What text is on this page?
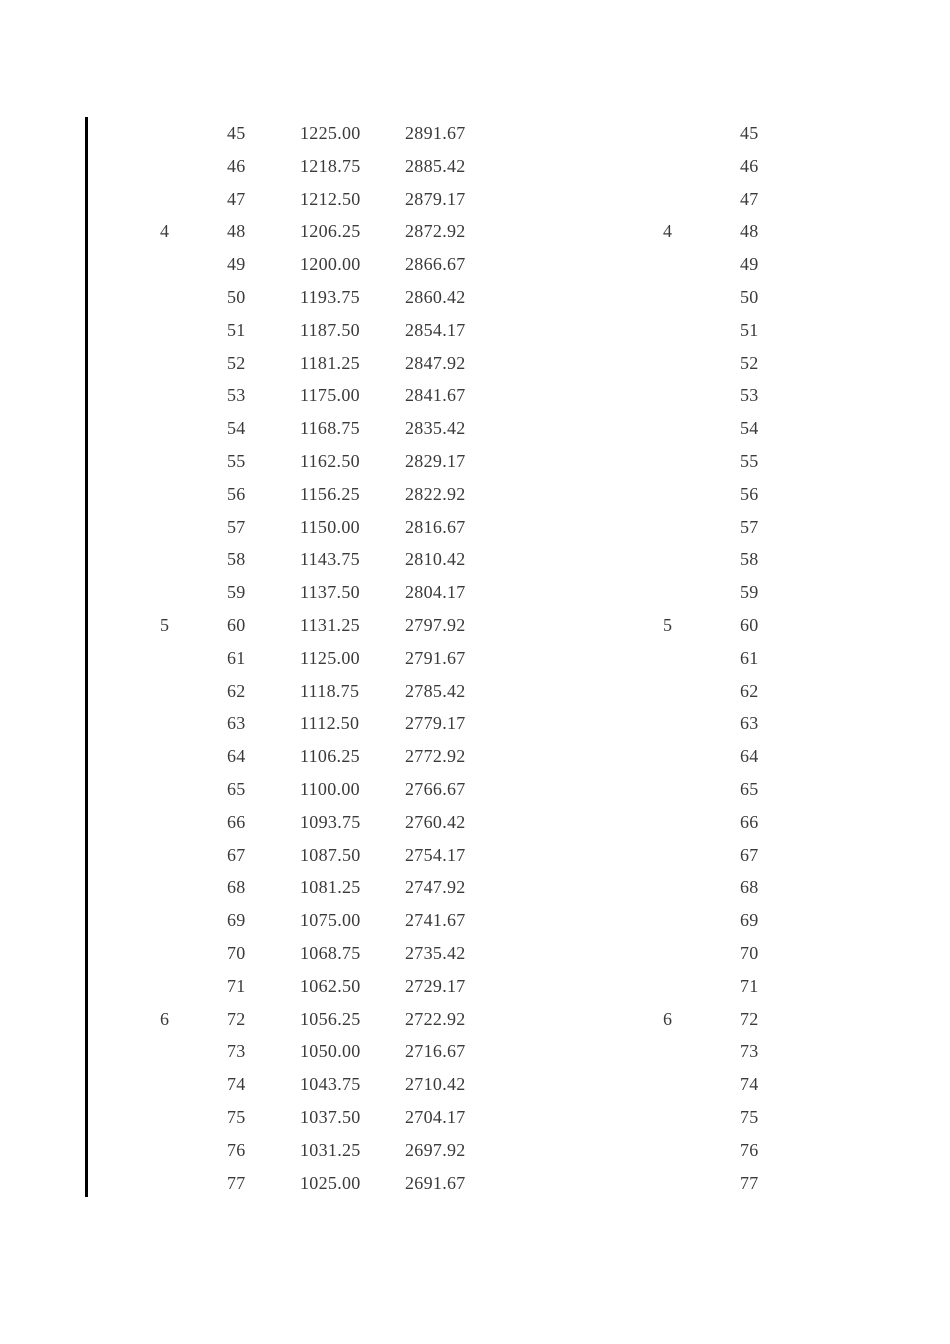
45	1225.00 2891.67	45
46	1218.75 2885.42	46
47	1212.50 2879.17	47
4	48	1206.25 2872.92	4	48
49	1200.00 2866.67	49
50	1193.75	2860.42	50
51	1187.50	2854.17	51
52	1181.25	2847.92	52
53	1175.00	2841.67	53
54	1168.75	2835.42	54
55	1162.50	2829.17	55
56	1156.25	2822.92	56
57	1150.00	2816.67	57
58	1143.75	2810.42	58
59	1137.50	2804.17	59
5	60	1131.25	2797.92	5	60
61	1125.00	2791.67	61
62	1118.75	2785.42	62
63	1112.50	2779.17	63
64	1106.25	2772.92	64
65	1100.00	2766.67	65
66	1093.75 2760.42	66
67	1087.50 2754.17	67
68	1081.25 2747.92	68
69	1075.00 2741.67	69
70	1068.75 2735.42	70
71	1062.50 2729.17	71
6	72	1056.25 2722.92	6	72
73	1050.00 2716.67	73
74	1043.75 2710.42	74
75	1037.50 2704.17	75
76	1031.25 2697.92	76
77	1025.00 2691.67	77
